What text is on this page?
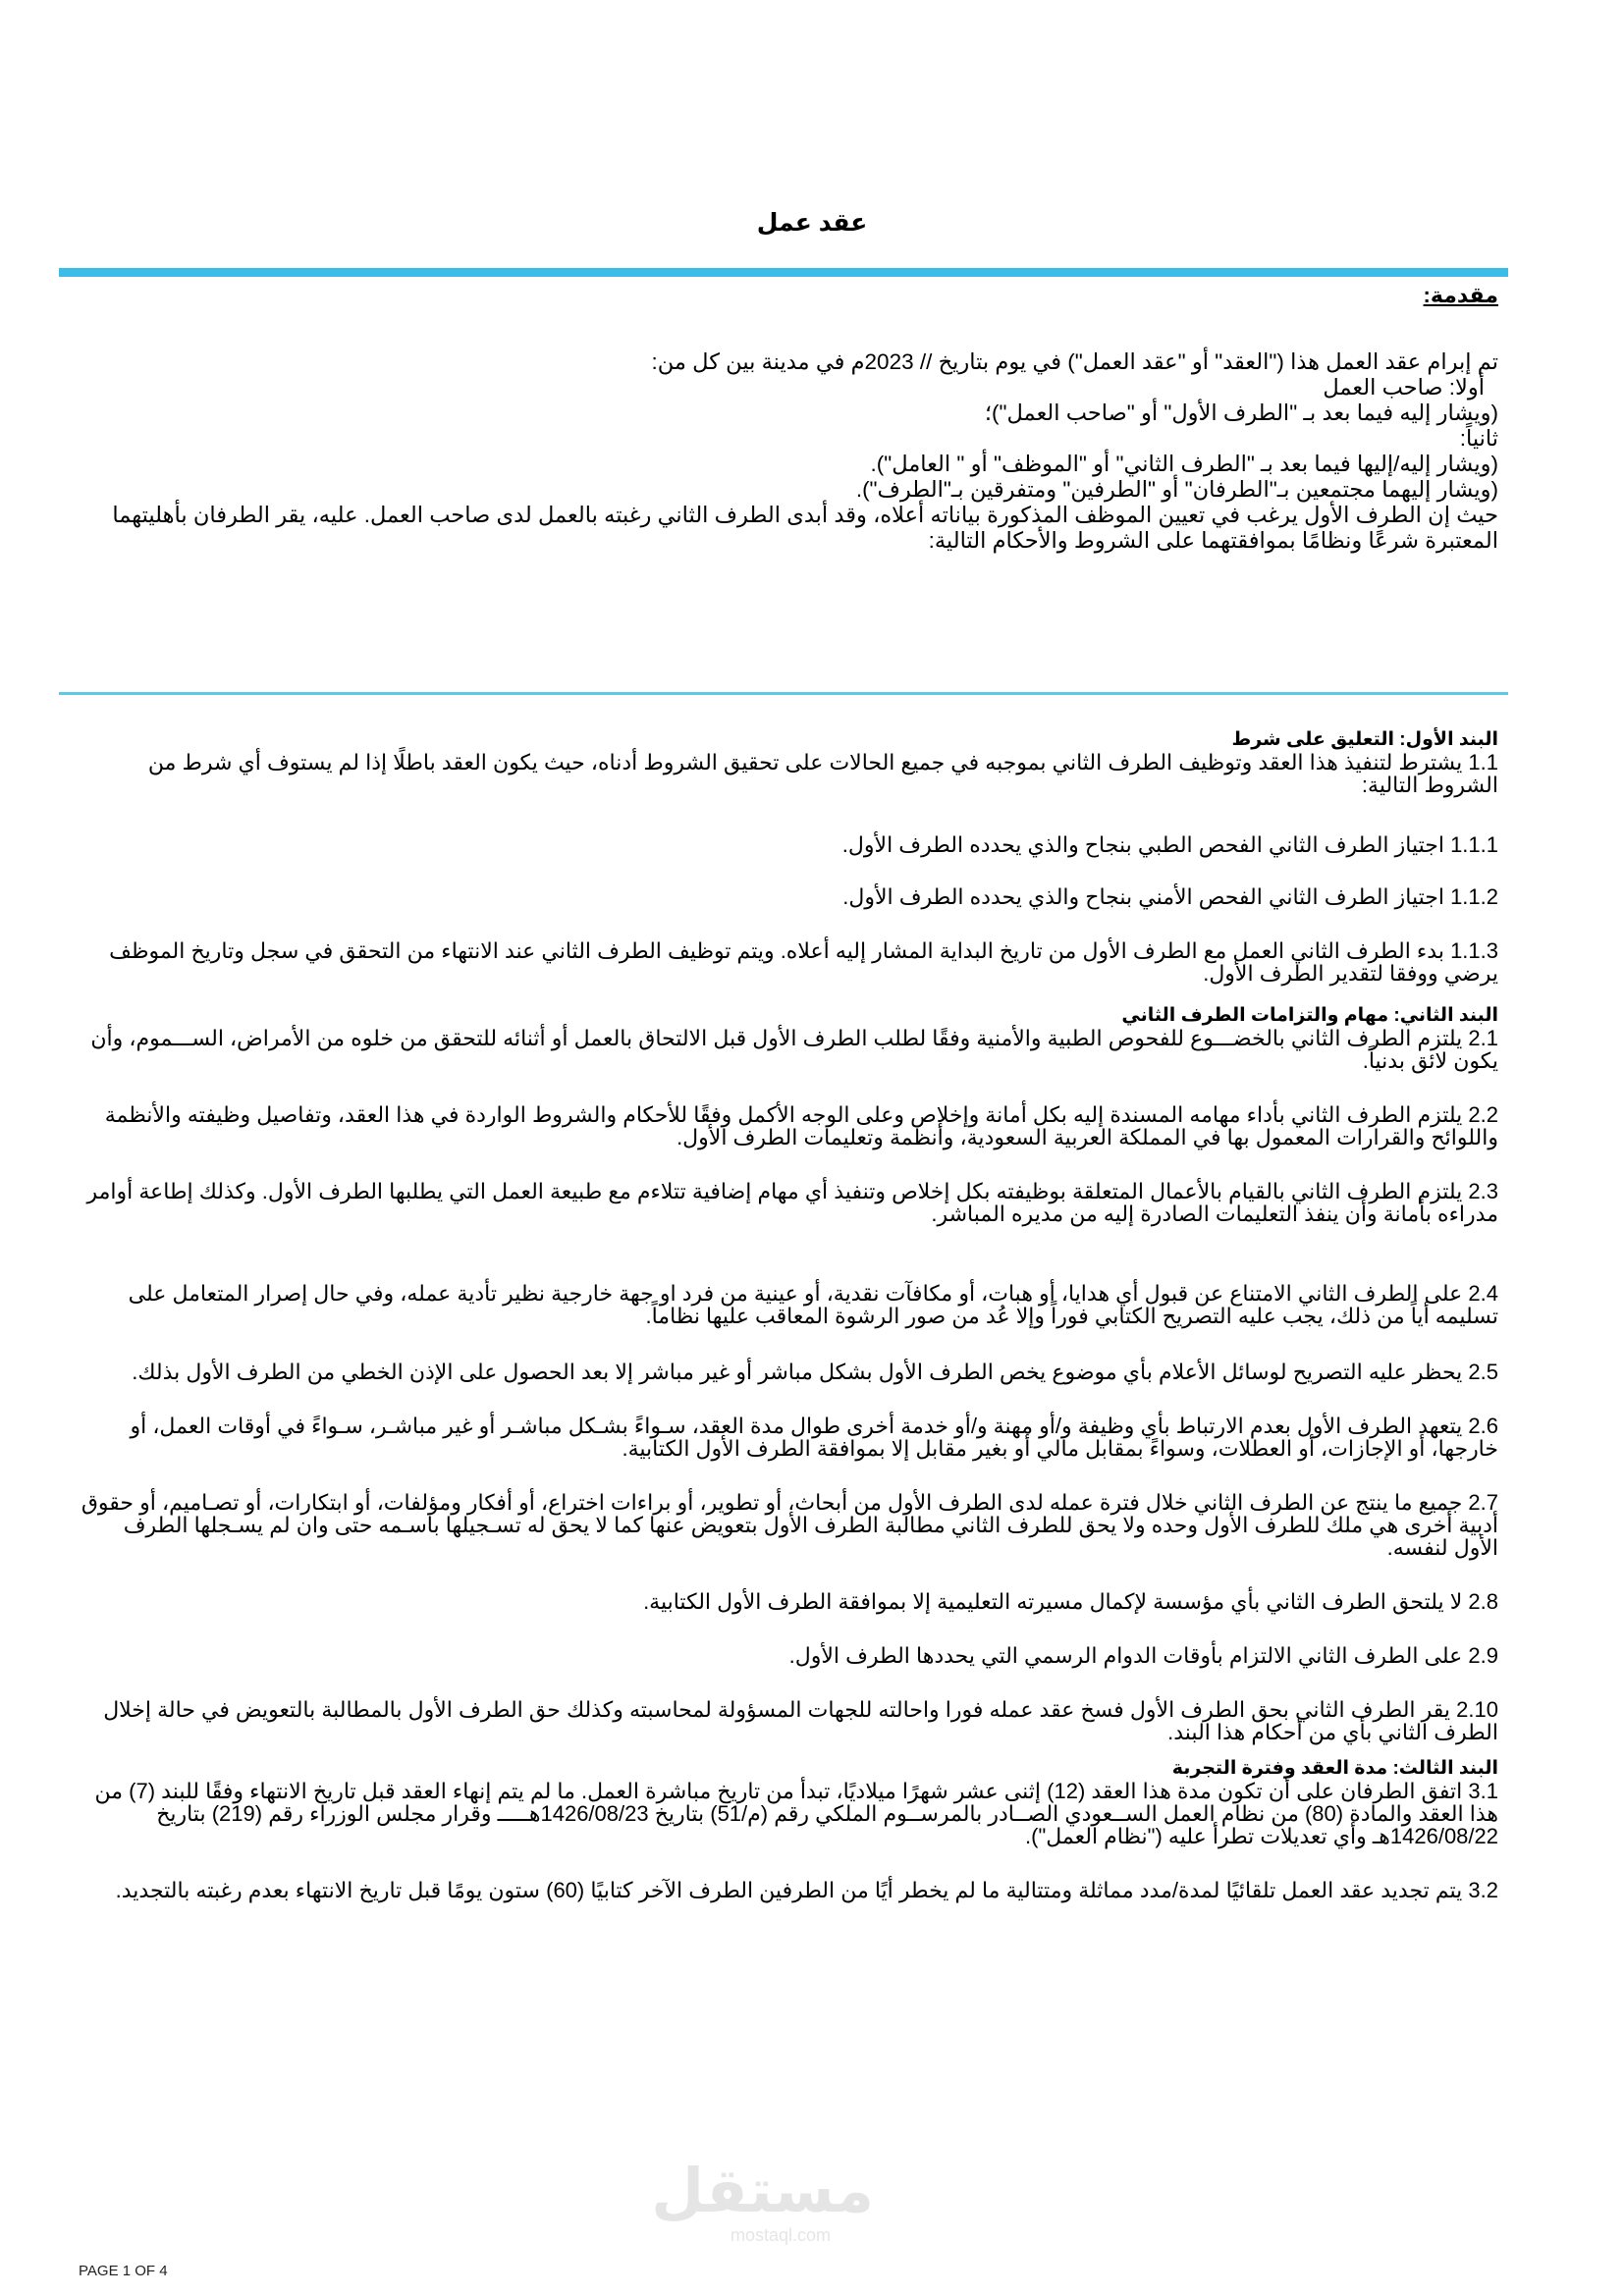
عقد عمل
مقدمة:

تم إبرام عقد العمل هذا ("العقد" أو "عقد العمل") في يوم بتاريخ // 2023م في مدينة بين كل من:

أولا: صاحب العمل

(ويشار إليه فيما بعد بـ "الطرف الأول" أو "صاحب العمل")؛

ثانياً:

(ويشار إليه/إليها فيما بعد بـ "الطرف الثاني" أو "الموظف" أو " العامل").

(ويشار إليهما مجتمعين بـ"الطرفان" أو "الطرفين" ومتفرقين بـ"الطرف").

حيث إن الطرف الأول يرغب في تعيين الموظف المذكورة بياناته أعلاه، وقد أبدى الطرف الثاني رغبته بالعمل لدى صاحب العمل. عليه، يقر الطرفان بأهليتهما المعتبرة شرعًا ونظامًا بموافقتهما على الشروط والأحكام التالية:

البند الأول: التعليق على شرط

1.1 يشترط لتنفيذ هذا العقد وتوظيف الطرف الثاني بموجبه في جميع الحالات على تحقيق الشروط أدناه، حيث يكون العقد باطلًا إذا لم يستوف أي شرط من الشروط التالية:

1.1.1 اجتياز الطرف الثاني الفحص الطبي بنجاح والذي يحدده الطرف الأول.

1.1.2 اجتياز الطرف الثاني الفحص الأمني بنجاح والذي يحدده الطرف الأول.

1.1.3 بدء الطرف الثاني العمل مع الطرف الأول من تاريخ البداية المشار إليه أعلاه. ويتم توظيف الطرف الثاني عند الانتهاء من التحقق في سجل وتاريخ الموظف يرضي ووفقا لتقدير الطرف الأول.

البند الثاني: مهام والتزامات الطرف الثاني

2.1 يلتزم الطرف الثاني بالخضـــوع للفحوص الطبية والأمنية وفقًا لطلب الطرف الأول قبل الالتحاق بالعمل أو أثنائه للتحقق من خلوه من الأمراض، الســـموم، وأن يكون لائق بدنياً.

2.2 يلتزم الطرف الثاني بأداء مهامه المسندة إليه بكل أمانة وإخلاص وعلى الوجه الأكمل وفقًا للأحكام والشروط الواردة في هذا العقد، وتفاصيل وظيفته والأنظمة واللوائح والقرارات المعمول بها في المملكة العربية السعودية، وأنظمة وتعليمات الطرف الأول.

2.3 يلتزم الطرف الثاني بالقيام بالأعمال المتعلقة بوظيفته بكل إخلاص وتنفيذ أي مهام إضافية تتلاءم مع طبيعة العمل التي يطلبها الطرف الأول. وكذلك إطاعة أوامر مدراءه بأمانة وأن ينفذ التعليمات الصادرة إليه من مديره المباشر.

2.4 على الطرف الثاني الامتناع عن قبول أي هدايا، أو هبات، أو مكافآت نقدية، أو عينية من فرد او جهة خارجية نظير تأدية عمله، وفي حال إصرار المتعامل على تسليمه أياً من ذلك، يجب عليه التصريح الكتابي فوراً وإلا عُد من صور الرشوة المعاقب عليها نظاماً.

2.5 يحظر عليه التصريح لوسائل الأعلام بأي موضوع يخص الطرف الأول بشكل مباشر أو غير مباشر إلا بعد الحصول على الإذن الخطي من الطرف الأول بذلك.

2.6 يتعهد الطرف الأول بعدم الارتباط بأي وظيفة و/أو مهنة و/أو خدمة أخرى طوال مدة العقد، سـواءً بشـكل مباشـر أو غير مباشـر، سـواءً في أوقات العمل، أو خارجها، أو الإجازات، أو العطلات، وسواءً بمقابل مالي أو بغير مقابل إلا بموافقة الطرف الأول الكتابية.

2.7 جميع ما ينتج عن الطرف الثاني خلال فترة عمله لدى الطرف الأول من أبحاث، أو تطوير، أو براءات اختراع، أو أفكار ومؤلفات، أو ابتكارات، أو تصـاميم، أو حقوق أدبية أخرى هي ملك للطرف الأول وحده ولا يحق للطرف الثاني مطالبة الطرف الأول بتعويض عنها كما لا يحق له تسـجيلها باسـمه حتى وان لم يسـجلها الطرف الأول لنفسه.

2.8 لا يلتحق الطرف الثاني بأي مؤسسة لإكمال مسيرته التعليمية إلا بموافقة الطرف الأول الكتابية.

2.9 على الطرف الثاني الالتزام بأوقات الدوام الرسمي التي يحددها الطرف الأول.

2.10 يقر الطرف الثاني بحق الطرف الأول فسخ عقد عمله فورا واحالته للجهات المسؤولة لمحاسبته وكذلك حق الطرف الأول بالمطالبة بالتعويض في حالة إخلال الطرف الثاني بأي من أحكام هذا البند.

البند الثالث: مدة العقد وفترة التجربة

3.1 اتفق الطرفان على أن تكون مدة هذا العقد (12) إثنى عشر شهرًا ميلاديًا، تبدأ من تاريخ مباشرة العمل. ما لم يتم إنهاء العقد قبل تاريخ الانتهاء وفقًا للبند (7) من هذا العقد والمادة (80) من نظام العمل الســعودي الصــادر بالمرســوم الملكي رقم (م/51) بتاريخ 1426/08/23هـــــ وقرار مجلس الوزراء رقم (219) بتاريخ 1426/08/22هـ وأي تعديلات تطرأ عليه ("نظام العمل").

3.2 يتم تجديد عقد العمل تلقائيًا لمدة/مدد مماثلة ومتتالية ما لم يخطر أيًا من الطرفين الطرف الآخر كتابيًا (60) ستون يومًا قبل تاريخ الانتهاء بعدم رغبته بالتجديد.

مستقل
mostaql.com
PAGE 1 OF 4
